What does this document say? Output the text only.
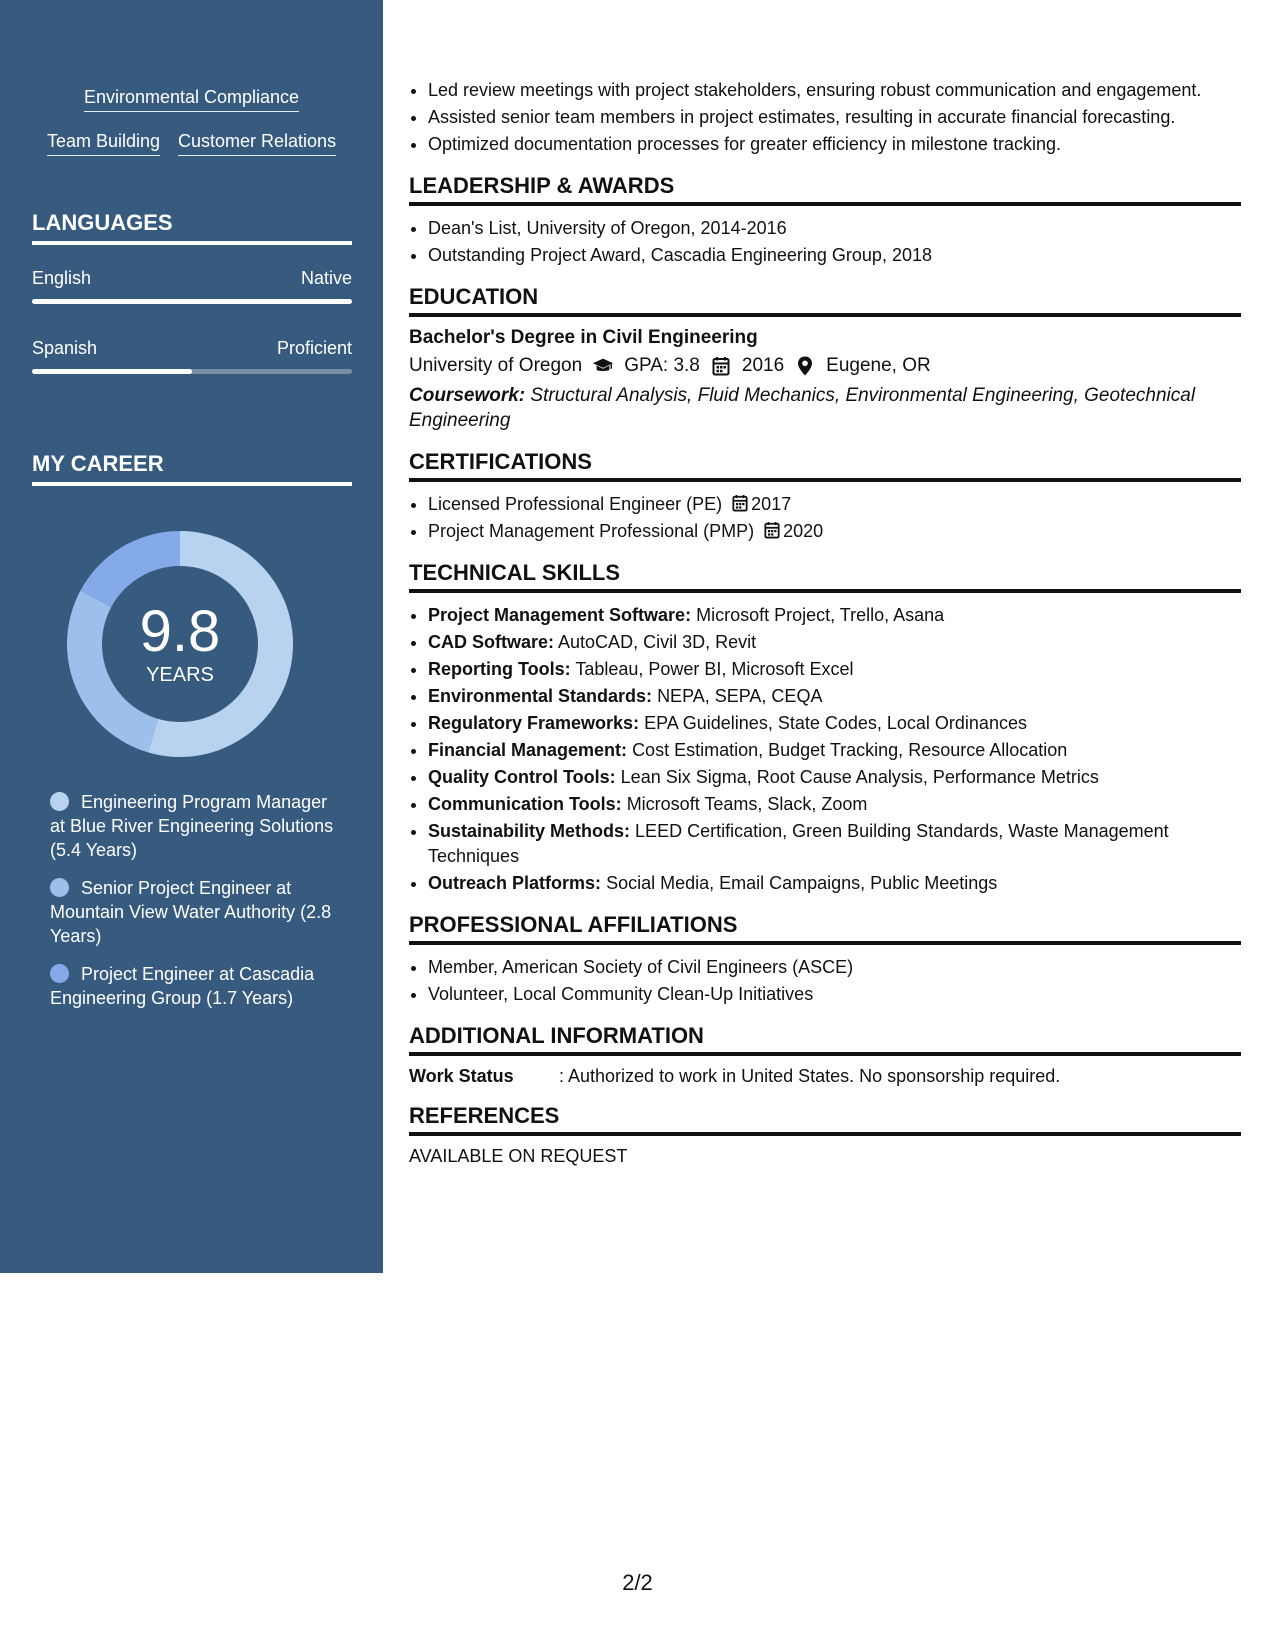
Environmental Compliance
Team Building Customer Relations
LANGUAGES
English	Native
Spanish	Proficient
MY CAREER
9.8
YEARS
Engineering Program Manager at Blue River Engineering Solutions (5.4 Years)
Senior Project Engineer at Mountain View Water Authority (2.8 Years)
Project Engineer at Cascadia Engineering Group (1.7 Years)
• Led review meetings with project stakeholders, ensuring robust communication and engagement.
• Assisted senior team members in project estimates, resulting in accurate financial forecasting.
• Optimized documentation processes for greater efficiency in milestone tracking.
LEADERSHIP & AWARDS
• Dean's List, University of Oregon, 2014-2016
• Outstanding Project Award, Cascadia Engineering Group, 2018
EDUCATION
Bachelor's Degree in Civil Engineering
University of Oregon GPA: 3.8 2016 Eugene, OR
Coursework: Structural Analysis, Fluid Mechanics, Environmental Engineering, Geotechnical Engineering
CERTIFICATIONS
• Licensed Professional Engineer (PE) 2017
• Project Management Professional (PMP) 2020
TECHNICAL SKILLS
• Project Management Software: Microsoft Project, Trello, Asana
• CAD Software: AutoCAD, Civil 3D, Revit
• Reporting Tools: Tableau, Power BI, Microsoft Excel
• Environmental Standards: NEPA, SEPA, CEQA
• Regulatory Frameworks: EPA Guidelines, State Codes, Local Ordinances
• Financial Management: Cost Estimation, Budget Tracking, Resource Allocation
• Quality Control Tools: Lean Six Sigma, Root Cause Analysis, Performance Metrics
• Communication Tools: Microsoft Teams, Slack, Zoom
• Sustainability Methods: LEED Certification, Green Building Standards, Waste Management Techniques
• Outreach Platforms: Social Media, Email Campaigns, Public Meetings
PROFESSIONAL AFFILIATIONS
• Member, American Society of Civil Engineers (ASCE)
• Volunteer, Local Community Clean-Up Initiatives
ADDITIONAL INFORMATION
Work Status	: Authorized to work in United States. No sponsorship required.
REFERENCES
AVAILABLE ON REQUEST
2/2
